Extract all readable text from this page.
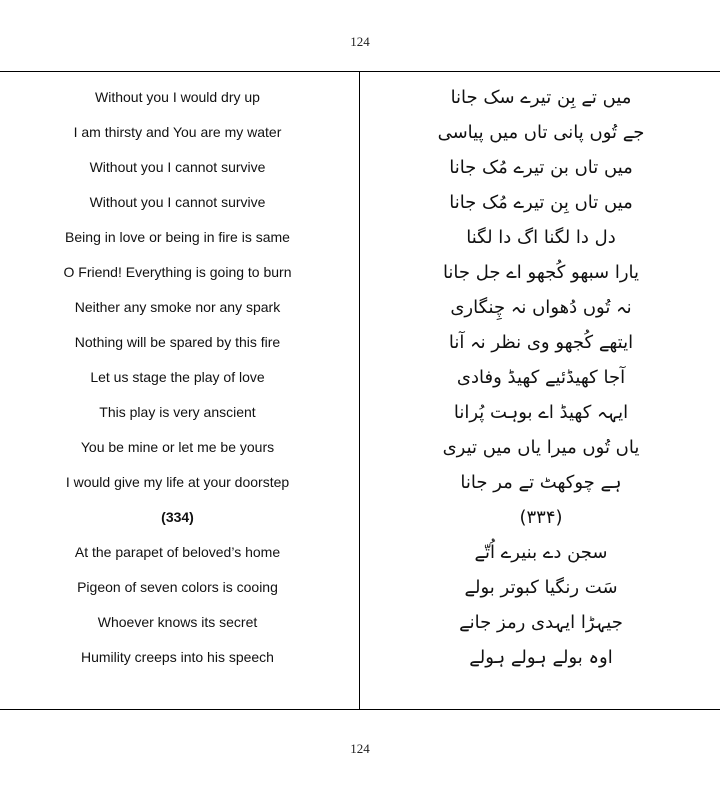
124
Without you I would dry up
I am thirsty and You are my water
Without you I cannot survive
Without you I cannot survive
Being in love or being in fire is same
O Friend! Everything is going to burn
Neither any smoke nor any spark
Nothing will be spared by this fire
Let us stage the play of love
This play is very anscient
You be mine or let me be yours
I would give my life at your doorstep
(334)
At the parapet of beloved’s home
Pigeon of seven colors is cooing
Whoever knows its secret
Humility creeps into his speech
میں تے بِن تیرے سک جانا
جے تُوں پانی تاں میں پیاسی
میں تاں بن تیرے مُک جانا
میں تاں بِن تیرے مُک جانا
دل دا لگنا اگ دا لگنا
یارا سبھو کُجھو اے جل جانا
نہ تُوں دُھواں نہ چِنگاری
ایتھے کُجھو وی نظر نہ آنا
آجا کھیڈئیے کھیڈ وفادی
ایہہ کھیڈ اے بوہت پُرانا
یاں تُوں میرا یاں میں تیری
ہے چوکھٹ تے مر جانا
(۳۳۴)
سجن دے بنیرے اُتّے
سَت رنگیا کبوتر بولے
جیہڑا ایہدی رمز جانے
اوہ بولے ہولے ہولے
124
